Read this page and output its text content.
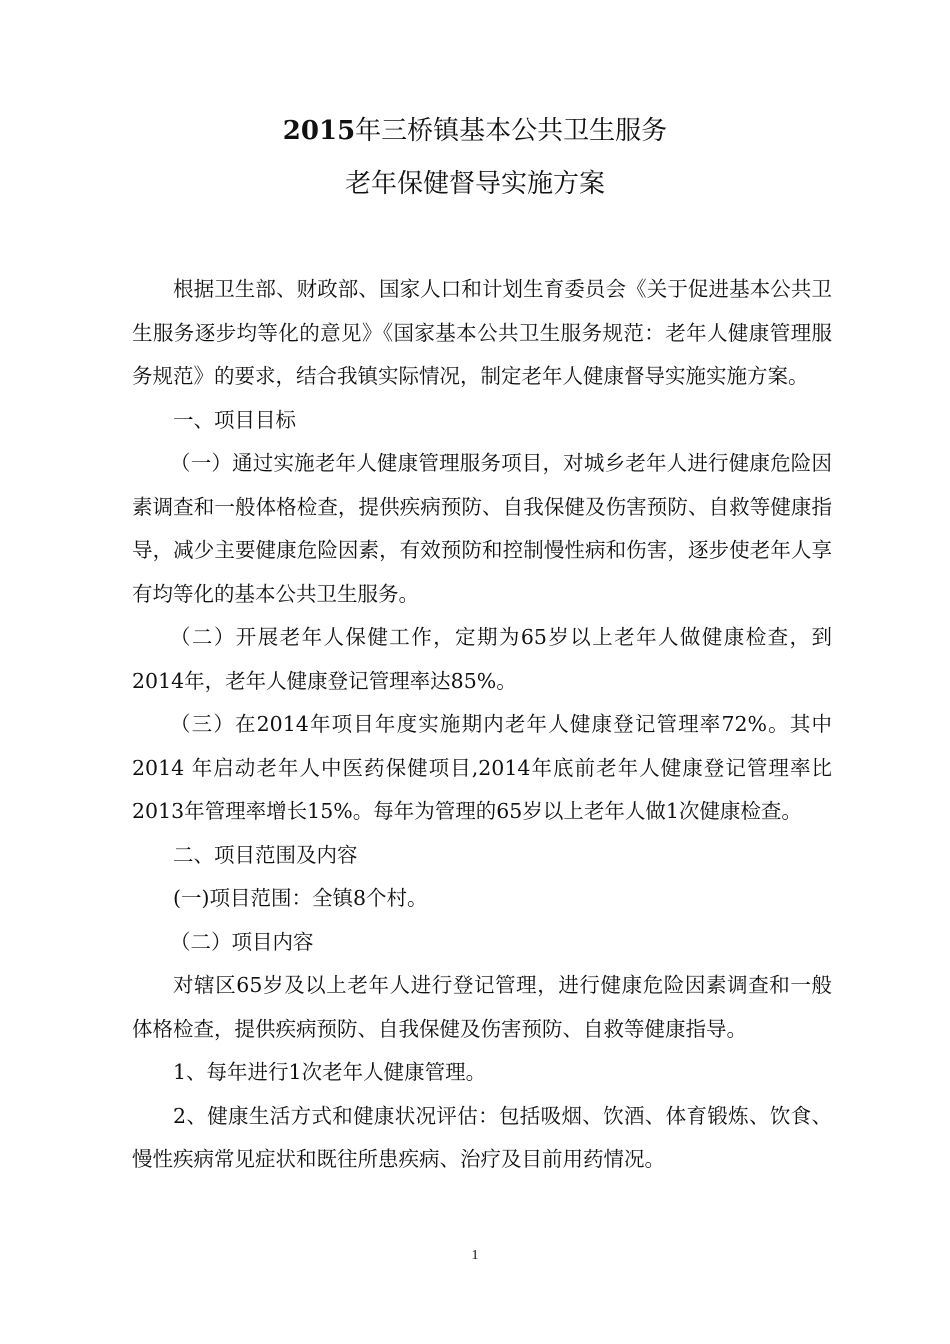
2015年三桥镇基本公共卫生服务
老年保健督导实施方案

根据卫生部、财政部、国家人口和计划生育委员会《关于促进基本公共卫生服务逐步均等化的意见》《国家基本公共卫生服务规范：老年人健康管理服务规范》的要求，结合我镇实际情况，制定老年人健康督导实施实施方案。

一、项目目标

（一）通过实施老年人健康管理服务项目，对城乡老年人进行健康危险因素调查和一般体格检查，提供疾病预防、自我保健及伤害预防、自救等健康指导，减少主要健康危险因素，有效预防和控制慢性病和伤害，逐步使老年人享有均等化的基本公共卫生服务。

（二）开展老年人保健工作，定期为65岁以上老年人做健康检查，到2014年，老年人健康登记管理率达85%。

（三）在2014年项目年度实施期内老年人健康登记管理率72%。其中2014 年启动老年人中医药保健项目,2014年底前老年人健康登记管理率比2013年管理率增长15%。每年为管理的65岁以上老年人做1次健康检查。

二、项目范围及内容

(一)项目范围：全镇8个村。

（二）项目内容

对辖区65岁及以上老年人进行登记管理，进行健康危险因素调查和一般体格检查，提供疾病预防、自我保健及伤害预防、自救等健康指导。

1、每年进行1次老年人健康管理。

2、健康生活方式和健康状况评估：包括吸烟、饮酒、体育锻炼、饮食、慢性疾病常见症状和既往所患疾病、治疗及目前用药情况。

1
